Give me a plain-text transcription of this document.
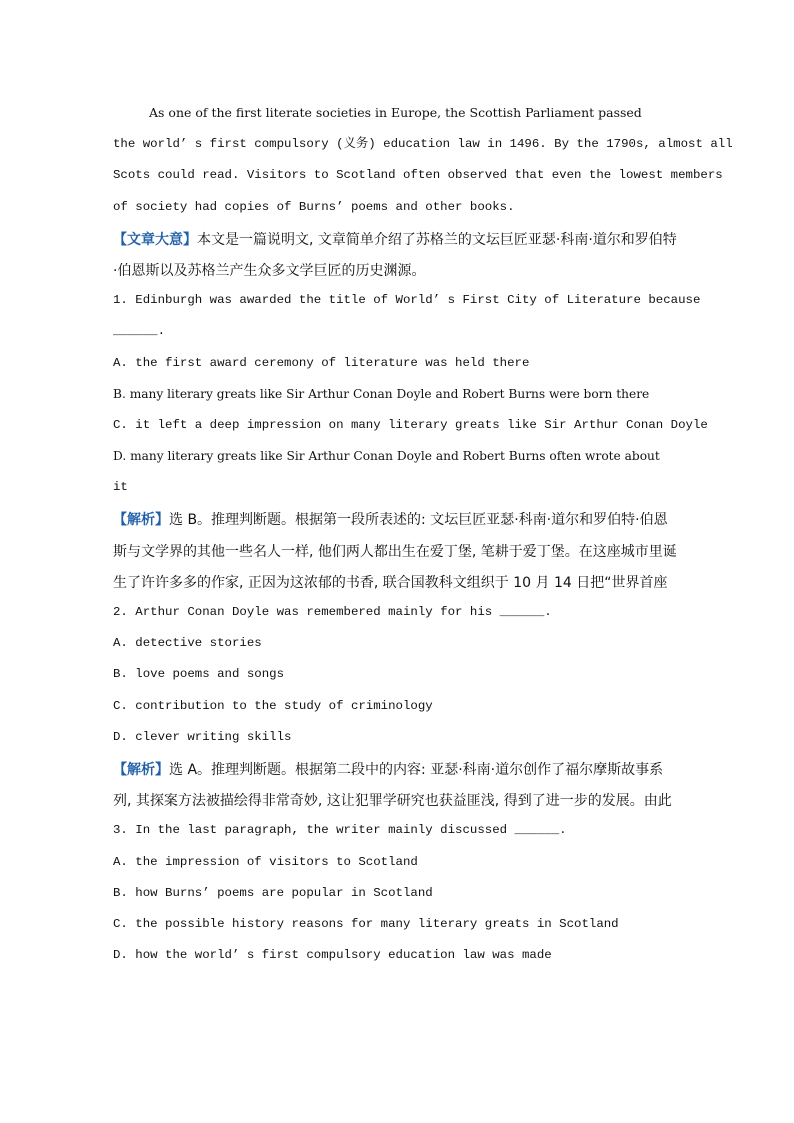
As one of the first literate societies in Europe, the Scottish Parliament passed
the world’ s first compulsory (义务) education law in 1496. By the 1790s, almost all
Scots could read. Visitors to Scotland often observed that even the lowest members
of society had copies of Burns’ poems and other books.
【文章大意】本文是一篇说明文, 文章简单介绍了苏格兰的文坛巨匠亚瑟·科南·道尔和罗伯特·伯恩斯以及苏格兰产生众多文学巨匠的历史渊源。
1. Edinburgh was awarded the title of World’ s First City of Literature because
______.
A. the first award ceremony of literature was held there
B. many literary greats like Sir Arthur Conan Doyle and Robert Burns were born there
C. it left a deep impression on many literary greats like Sir Arthur Conan Doyle
D. many literary greats like Sir Arthur Conan Doyle and Robert Burns often wrote about
it
【解析】选 B。推理判断题。根据第一段所表述的: 文坛巨匠亚瑟·科南·道尔和罗伯特·伯恩斯与文学界的其他一些名人一样, 他们两人都出生在爱丁堡, 笔耕于爱丁堡。在这座城市里诞生了许许多多的作家, 正因为这浓郁的书香, 联合国教科文组织于 10 月 14 日把“世界首座
2. Arthur Conan Doyle was remembered mainly for his ______.
A. detective stories
B. love poems and songs
C. contribution to the study of criminology
D. clever writing skills
【解析】选 A。推理判断题。根据第二段中的内容: 亚瑟·科南·道尔创作了福尔摩斯故事系列, 其探案方法被描绘得非常奇妙, 这让犯罪学研究也获益匪浅, 得到了进一步的发展。由此
3. In the last paragraph, the writer mainly discussed ______.
A. the impression of visitors to Scotland
B. how Burns’ poems are popular in Scotland
C. the possible history reasons for many literary greats in Scotland
D. how the world’ s first compulsory education law was made
